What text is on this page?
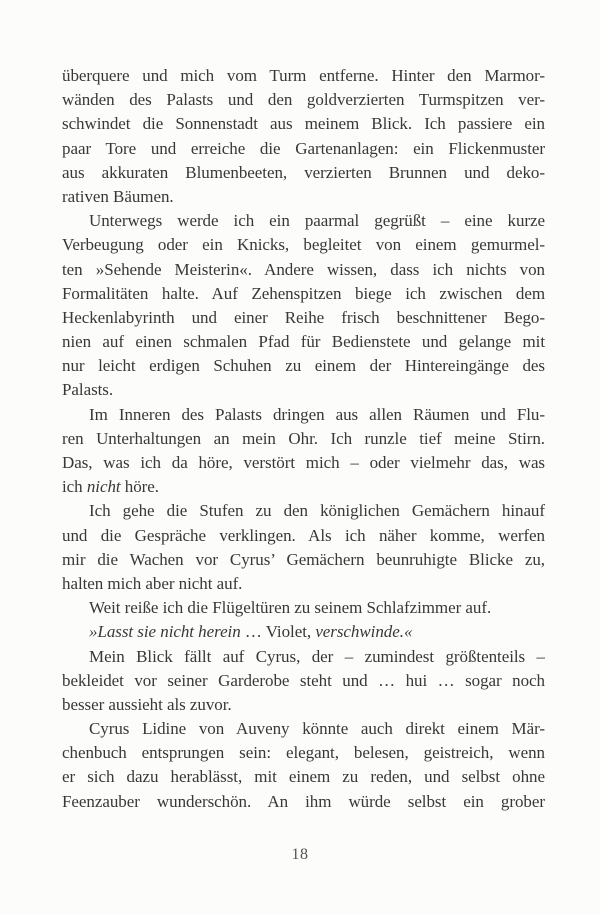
überquere und mich vom Turm entferne. Hinter den Marmor-
wänden des Palasts und den goldverzierten Turmspitzen ver-
schwindet die Sonnenstadt aus meinem Blick. Ich passiere ein
paar Tore und erreiche die Gartenanlagen: ein Flickenmuster
aus akkuraten Blumenbeeten, verzierten Brunnen und deko-
rativen Bäumen.
Unterwegs werde ich ein paarmal gegrüßt – eine kurze
Verbeugung oder ein Knicks, begleitet von einem gemurmel-
ten »Sehende Meisterin«. Andere wissen, dass ich nichts von
Formalitäten halte. Auf Zehenspitzen biege ich zwischen dem
Heckenlabyrinth und einer Reihe frisch beschnittener Bego-
nien auf einen schmalen Pfad für Bedienstete und gelange mit
nur leicht erdigen Schuhen zu einem der Hintereingänge des
Palasts.
Im Inneren des Palasts dringen aus allen Räumen und Flu-
ren Unterhaltungen an mein Ohr. Ich runzle tief meine Stirn.
Das, was ich da höre, verstört mich – oder vielmehr das, was
ich nicht höre.
Ich gehe die Stufen zu den königlichen Gemächern hinauf
und die Gespräche verklingen. Als ich näher komme, werfen
mir die Wachen vor Cyrus’ Gemächern beunruhigte Blicke zu,
halten mich aber nicht auf.
Weit reiße ich die Flügeltüren zu seinem Schlafzimmer auf.
»Lasst sie nicht herein … Violet, verschwinde.«
Mein Blick fällt auf Cyrus, der – zumindest größtenteils –
bekleidet vor seiner Garderobe steht und … hui … sogar noch
besser aussieht als zuvor.
Cyrus Lidine von Auveny könnte auch direkt einem Mär-
chenbuch entsprungen sein: elegant, belesen, geistreich, wenn
er sich dazu herablässt, mit einem zu reden, und selbst ohne
Feenzauber wunderschön. An ihm würde selbst ein grober
18
